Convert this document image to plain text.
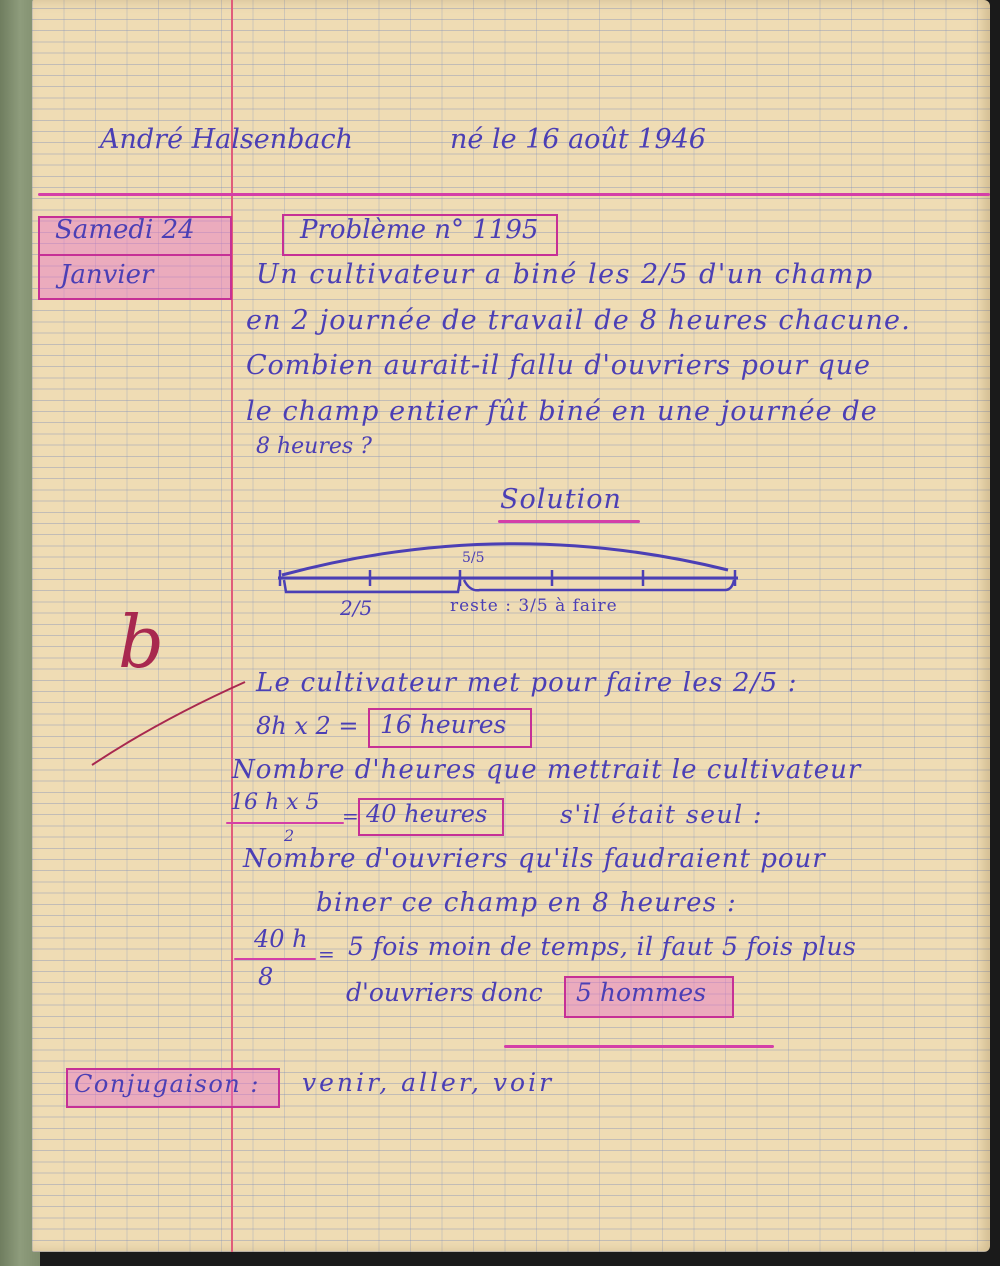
André Halsenbach	né le 16 août 1946
Samedi 24
Janvier
Problème n° 1195
Un cultivateur a biné les 2/5 d'un champ
en 2 journée de travail de 8 heures chacune.
Combien aurait-il fallu d'ouvriers pour que
le champ entier fût biné en une journée de
8 heures ?
Solution
5/5
2/5	reste : 3/5 à faire
b	Le cultivateur met pour faire les 2/5 :
8h x 2 = 16 heures
Nombre d'heures que mettrait le cultivateur
16 h x 5
2
= 40 heures	s'il était seul :
Nombre d'ouvriers qu'ils faudraient pour
biner ce champ en 8 heures :
40 h
8
= 5 fois moin de temps, il faut 5 fois plus
d'ouvriers donc 5 hommes
Conjugaison : venir, aller, voir
